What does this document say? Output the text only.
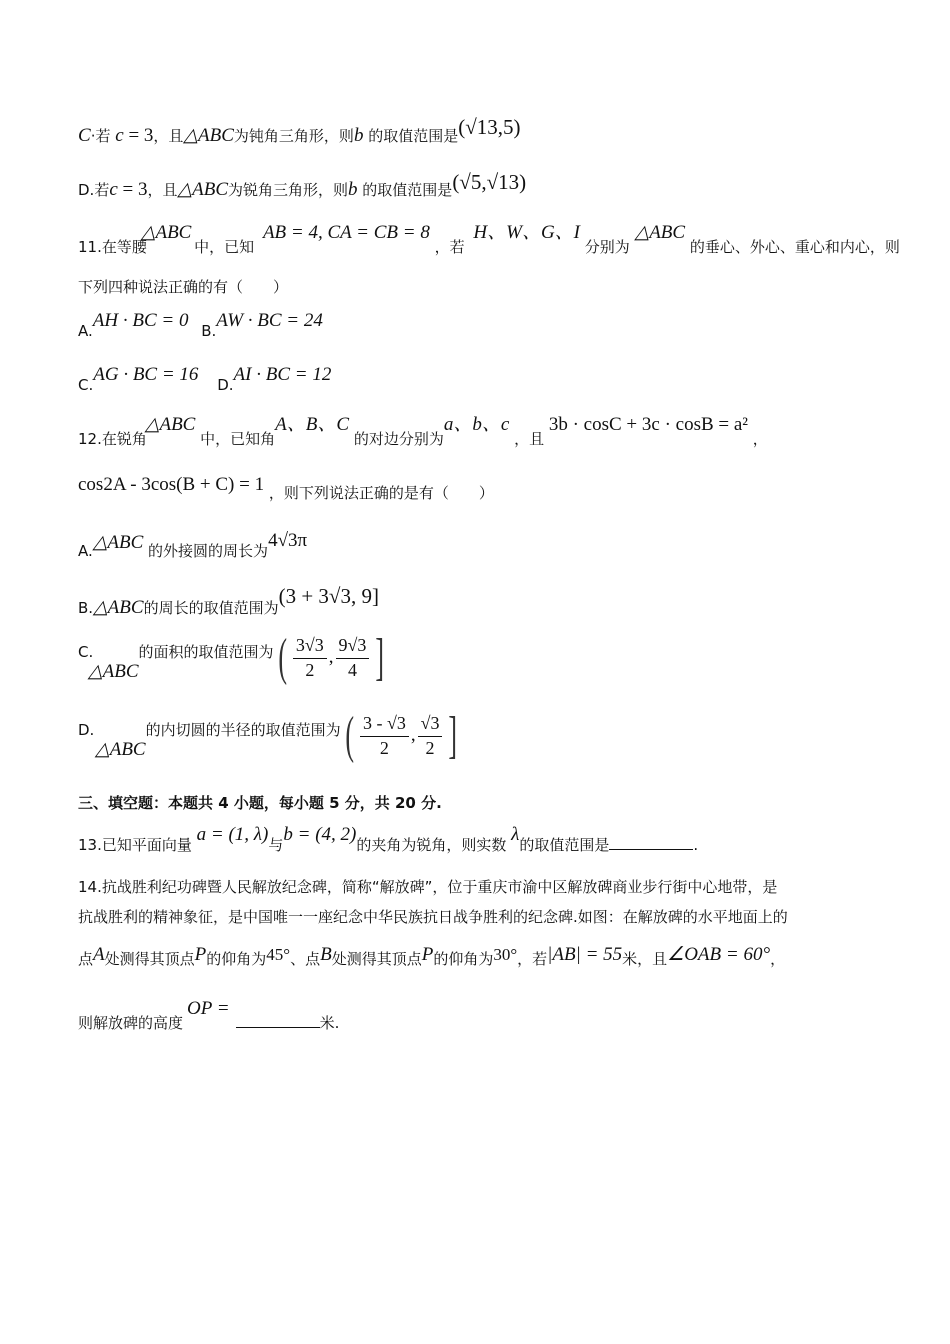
C·若 c = 3，且△ABC为钝角三角形，则b 的取值范围是(√13,5)
D.若c = 3，且△ABC为锐角三角形，则b 的取值范围是(√5,√13)
11.在等腰△ABC 中，已知 AB = 4, CA = CB = 8 ，若 H、W、G、I 分别为 △ABC 的垂心、外心、重心和内心，则
下列四种说法正确的有（　　）
A.AH · BC = 0 B.AW · BC = 24
C.AG · BC = 16 D.AI · BC = 12
12.在锐角△ABC 中，已知角A、B、C 的对边分别为a、b、c ，且 3b · cosC + 3c · cosB = a² ，
cos2A - 3cos(B + C) = 1 ，则下列说法正确的是有（　　）
A.△ABC 的外接圆的周长为4√3π
B.△ABC的周长的取值范围为(3 + 3√3, 9]
C. △ABC的面积的取值范围为( $\frac{3√3}{2}$ , $\frac{9√3}{4}$ ]
D. △ABC的内切圆的半径的取值范围为( $\frac{3 - √3}{2}$ , $\frac{√3}{2}$ ]
三、填空题：本题共 4 小题，每小题 5 分，共 20 分.
13.已知平面向量 a = (1, λ)与b = (4, 2)的夹角为锐角，则实数 λ的取值范围是	.
14.抗战胜利纪功碑暨人民解放纪念碑，简称“解放碑”，位于重庆市渝中区解放碑商业步行街中心地带，是
抗战胜利的精神象征，是中国唯一一座纪念中华民族抗日战争胜利的纪念碑.如图：在解放碑的水平地面上的
点A处测得其顶点P的仰角为45°、点B处测得其顶点P的仰角为30°，若|AB| = 55米，且∠OAB = 60°，
则解放碑的高度OP =米.
